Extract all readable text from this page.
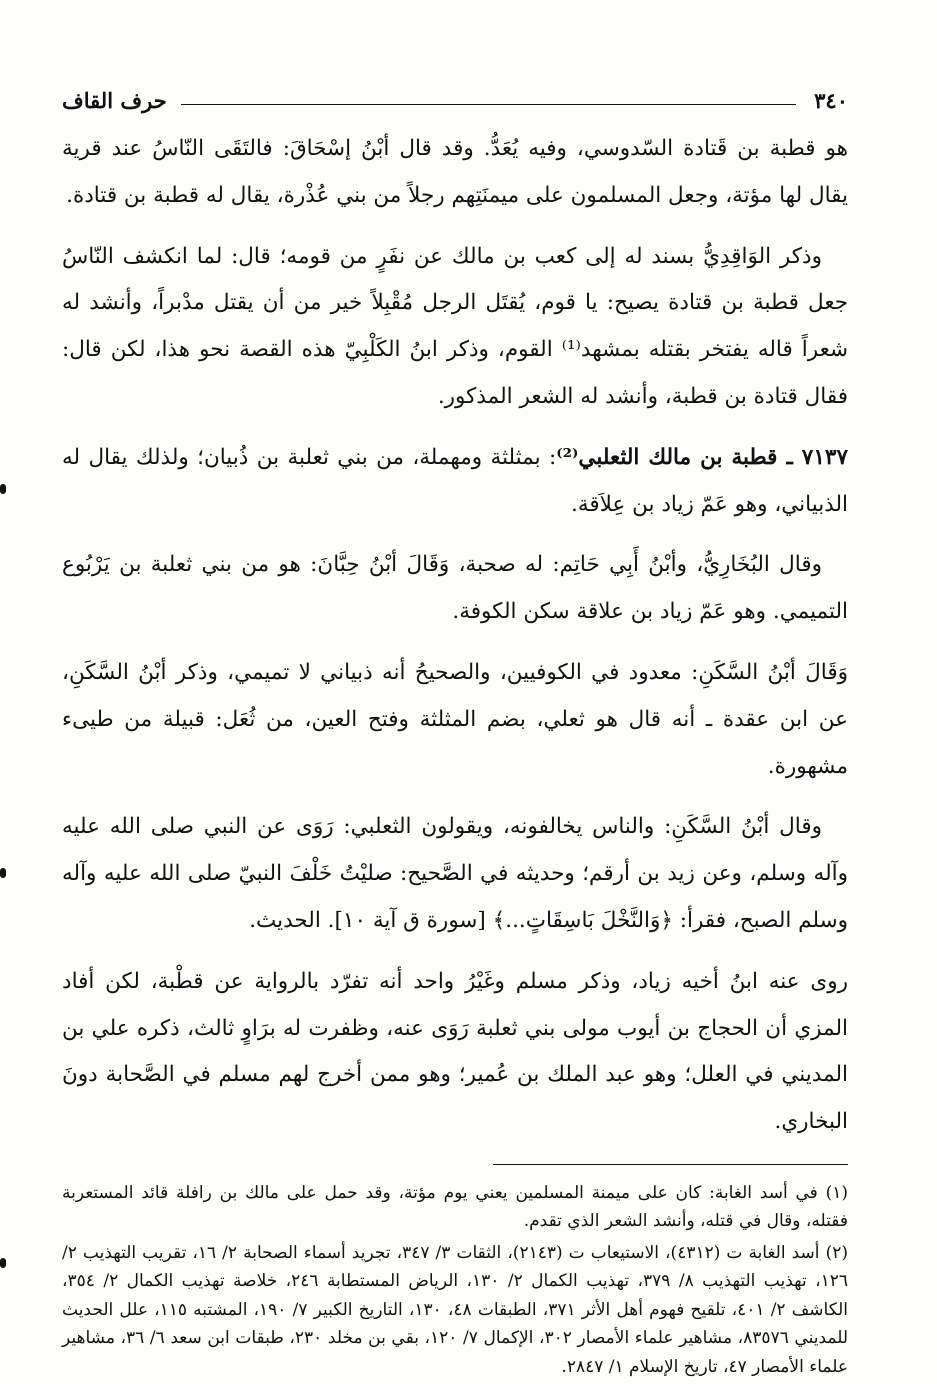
٣٤٠
حرف القاف

هو قطبة بن قَتادة السّدوسي، وفيه يُعَدُّ. وقد قال أبْنُ إسْحَاقَ: فالتَقَى النّاسُ عند قرية يقال لها مؤتة، وجعل المسلمون على ميمنَتِهم رجلاً من بني عُذْرة، يقال له قطبة بن قتادة.

وذكر الوَاقِدِيُّ بسند له إلى كعب بن مالك عن نفَرٍ من قومه؛ قال: لما انكشف النّاسُ جعل قطبة بن قتادة يصيح: يا قوم، يُقتَل الرجل مُقْبِلاً خير من أن يقتل مدْبراً، وأنشد له شعراً قاله يفتخر بقتله بمشهد⁽¹⁾ القوم، وذكر ابنُ الكَلْبِيّ هذه القصة نحو هذا، لكن قال: فقال قتادة بن قطبة، وأنشد له الشعر المذكور.

٧١٣٧ ـ قطبة بن مالك الثعلبي⁽²⁾: بمثلثة ومهملة، من بني ثعلبة بن ذُبيان؛ ولذلك يقال له الذبياني، وهو عَمّ زياد بن عِلاَقة.

وقال البُخَارِيُّ، وأبْنُ أَبِي حَاتِم: له صحبة، وَقَالَ أبْنُ حِبَّانَ: هو من بني ثعلبة بن يَرْبُوع التميمي. وهو عَمّ زياد بن علاقة سكن الكوفة.

وَقَالَ أبْنُ السَّكَنِ: معدود في الكوفيين، والصحيحُ أنه ذبياني لا تميمي، وذكر أبْنُ السَّكَنِ، عن ابن عقدة ـ أنه قال هو ثعلي، بضم المثلثة وفتح العين، من ثُعَل: قبيلة من طيىء مشهورة.

وقال أبْنُ السَّكَنِ: والناس يخالفونه، ويقولون الثعلبي: رَوَى عن النبي صلى الله عليه وآله وسلم، وعن زيد بن أرقم؛ وحديثه في الصَّحيح: صليْتُ خَلْفَ النبيّ صلى الله عليه وآله وسلم الصبح، فقرأ: ﴿وَالنَّخْلَ بَاسِقَاتٍ...﴾ [سورة ق آية ١٠]. الحديث.

روى عنه ابنُ أخيه زياد، وذكر مسلم وغَيْرُ واحد أنه تفرّد بالرواية عن قطْبة، لكن أفاد المزي أن الحجاج بن أيوب مولى بني ثعلبة رَوَى عنه، وظفرت له برَاوٍ ثالث، ذكره علي بن المديني في العلل؛ وهو عبد الملك بن عُمير؛ وهو ممن أخرج لهم مسلم في الصَّحابة دونَ البخاري.

(١) في أسد الغابة: كان على ميمنة المسلمين يعني يوم مؤتة، وقد حمل على مالك بن رافلة قائد المستعربة فقتله، وقال في قتله، وأنشد الشعر الذي تقدم.

(٢) أسد الغابة ت (٤٣١٢)، الاستيعاب ت (٢١٤٣)، الثقات ٣/ ٣٤٧، تجريد أسماء الصحابة ٢/ ١٦، تقريب التهذيب ٢/ ١٢٦، تهذيب التهذيب ٨/ ٣٧٩، تهذيب الكمال ٢/ ١٣٠، الرياض المستطابة ٢٤٦، خلاصة تهذيب الكمال ٢/ ٣٥٤، الكاشف ٢/ ٤٠١، تلقيح فهوم أهل الأثر ٣٧١، الطبقات ٤٨، ١٣٠، التاريخ الكبير ٧/ ١٩٠، المشتبه ١١٥، علل الحديث للمديني ٨٣٥٧٦، مشاهير علماء الأمصار ٣٠٢، الإكمال ٧/ ١٢٠، بقي بن مخلد ٢٣٠، طبقات ابن سعد ٦/ ٣٦، مشاهير علماء الأمصار ٤٧، تاريخ الإسلام ١/ ٢٨٤٧.
